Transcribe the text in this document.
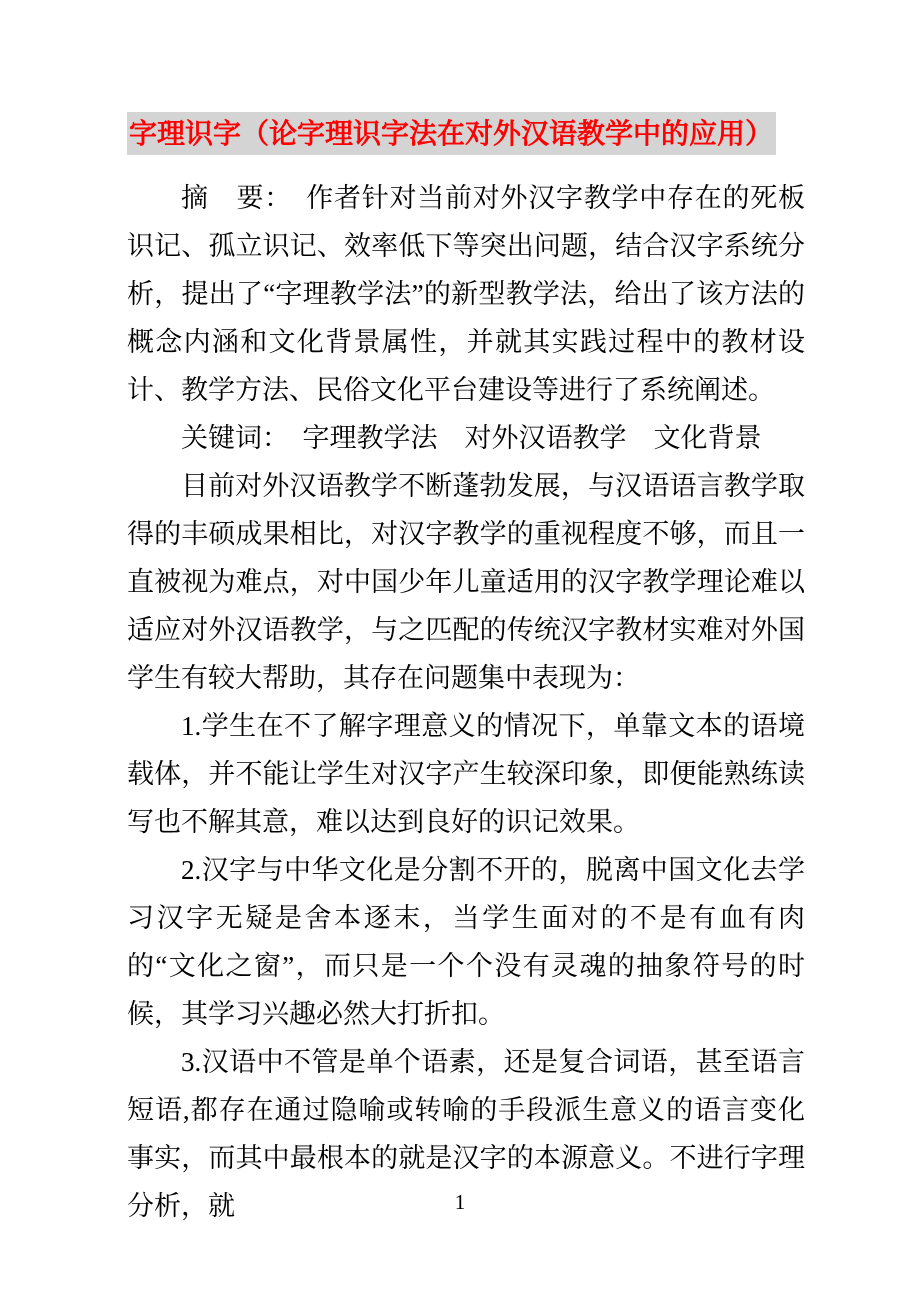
字理识字（论字理识字法在对外汉语教学中的应用）

摘　要：　作者针对当前对外汉字教学中存在的死板识记、孤立识记、效率低下等突出问题，结合汉字系统分析，提出了“字理教学法”的新型教学法，给出了该方法的概念内涵和文化背景属性，并就其实践过程中的教材设计、教学方法、民俗文化平台建设等进行了系统阐述。

关键词：　字理教学法　对外汉语教学　文化背景

目前对外汉语教学不断蓬勃发展，与汉语语言教学取得的丰硕成果相比，对汉字教学的重视程度不够，而且一直被视为难点，对中国少年儿童适用的汉字教学理论难以适应对外汉语教学，与之匹配的传统汉字教材实难对外国学生有较大帮助，其存在问题集中表现为：

1.学生在不了解字理意义的情况下，单靠文本的语境载体，并不能让学生对汉字产生较深印象，即便能熟练读写也不解其意，难以达到良好的识记效果。

2.汉字与中华文化是分割不开的，脱离中国文化去学习汉字无疑是舍本逐末，当学生面对的不是有血有肉的“文化之窗”，而只是一个个没有灵魂的抽象符号的时候，其学习兴趣必然大打折扣。

3.汉语中不管是单个语素，还是复合词语，甚至语言短语,都存在通过隐喻或转喻的手段派生意义的语言变化事实，而其中最根本的就是汉字的本源意义。不进行字理分析，就	1
